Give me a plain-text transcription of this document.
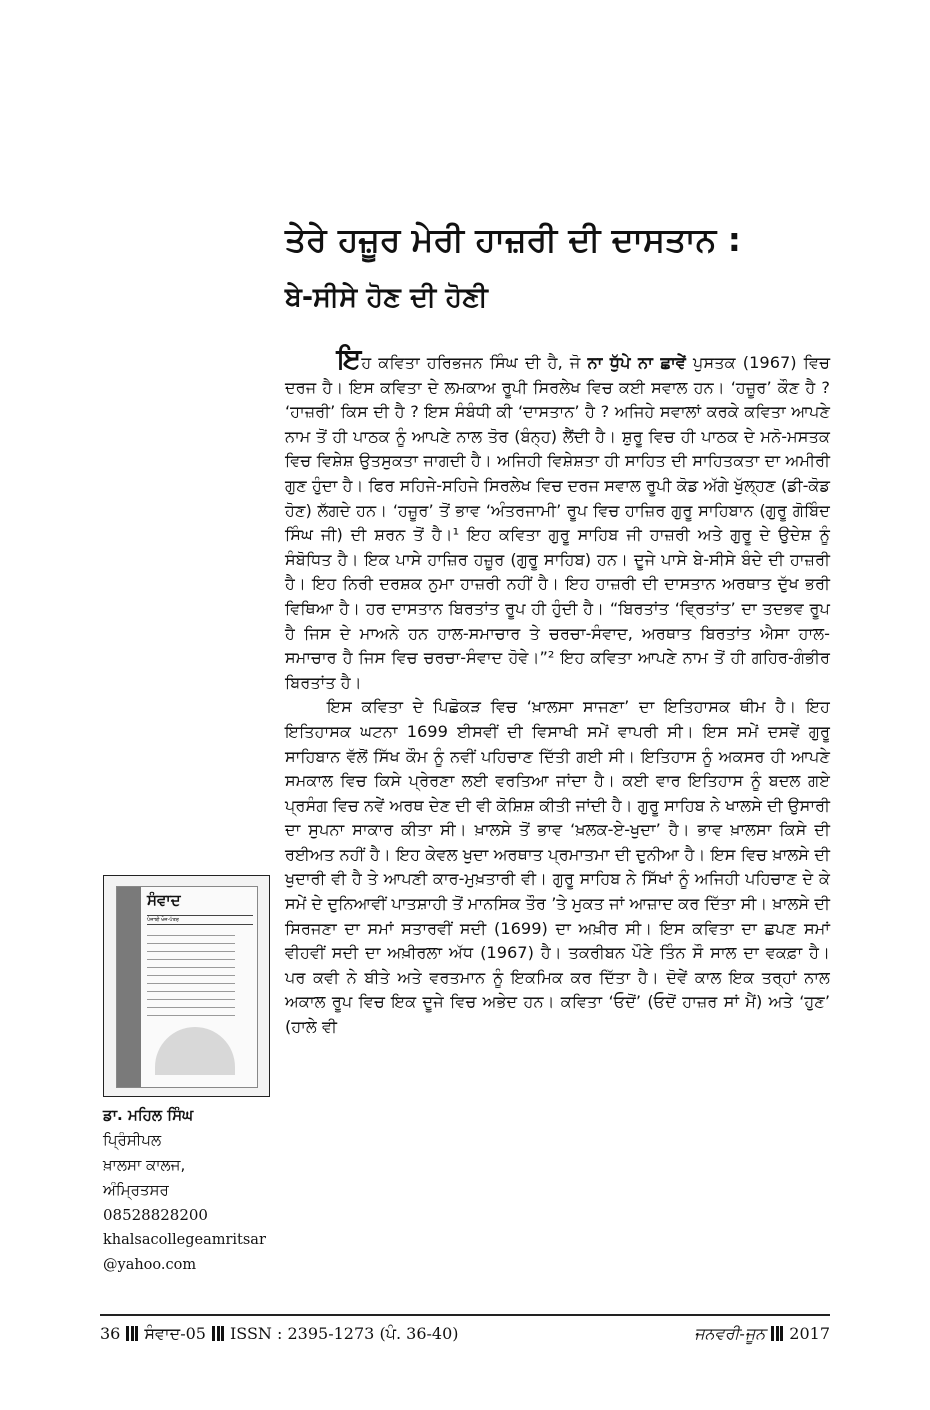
ਤੇਰੇ ਹਜ਼ੂਰ ਮੇਰੀ ਹਾਜ਼ਰੀ ਦੀ ਦਾਸਤਾਨ :
ਬੇ-ਸੀਸੇ ਹੋਣ ਦੀ ਹੋਣੀ

ਇਹ ਕਵਿਤਾ ਹਰਿਭਜਨ ਸਿੰਘ ਦੀ ਹੈ, ਜੋ ਨਾ ਧੁੱਪੇ ਨਾ ਛਾਵੇਂ ਪੁਸਤਕ (1967) ਵਿਚ ਦਰਜ ਹੈ। ਇਸ ਕਵਿਤਾ ਦੇ ਲਮਕਾਅ ਰੂਪੀ ਸਿਰਲੇਖ ਵਿਚ ਕਈ ਸਵਾਲ ਹਨ। ‘ਹਜ਼ੂਰ’ ਕੌਣ ਹੈ ? ‘ਹਾਜ਼ਰੀ’ ਕਿਸ ਦੀ ਹੈ ? ਇਸ ਸੰਬੰਧੀ ਕੀ ‘ਦਾਸਤਾਨ’ ਹੈ ? ਅਜਿਹੇ ਸਵਾਲਾਂ ਕਰਕੇ ਕਵਿਤਾ ਆਪਣੇ ਨਾਮ ਤੋਂ ਹੀ ਪਾਠਕ ਨੂੰ ਆਪਣੇ ਨਾਲ ਤੋਰ (ਬੰਨ੍ਹ) ਲੈਂਦੀ ਹੈ। ਸ਼ੁਰੂ ਵਿਚ ਹੀ ਪਾਠਕ ਦੇ ਮਨੋ-ਮਸਤਕ ਵਿਚ ਵਿਸ਼ੇਸ਼ ਉਤਸੁਕਤਾ ਜਾਗਦੀ ਹੈ। ਅਜਿਹੀ ਵਿਸ਼ੇਸ਼ਤਾ ਹੀ ਸਾਹਿਤ ਦੀ ਸਾਹਿਤਕਤਾ ਦਾ ਅਮੀਰੀ ਗੁਣ ਹੁੰਦਾ ਹੈ। ਫਿਰ ਸਹਿਜੇ-ਸਹਿਜੇ ਸਿਰਲੇਖ ਵਿਚ ਦਰਜ ਸਵਾਲ ਰੂਪੀ ਕੋਡ ਅੱਗੇ ਖੁੱਲ੍ਹਣ (ਡੀ-ਕੋਡ ਹੋਣ) ਲੱਗਦੇ ਹਨ। ‘ਹਜ਼ੂਰ’ ਤੋਂ ਭਾਵ ‘ਅੰਤਰਜਾਮੀ’ ਰੂਪ ਵਿਚ ਹਾਜ਼ਿਰ ਗੁਰੂ ਸਾਹਿਬਾਨ (ਗੁਰੂ ਗੋਬਿੰਦ ਸਿੰਘ ਜੀ) ਦੀ ਸ਼ਰਨ ਤੋਂ ਹੈ।¹ ਇਹ ਕਵਿਤਾ ਗੁਰੂ ਸਾਹਿਬ ਜੀ ਹਾਜ਼ਰੀ ਅਤੇ ਗੁਰੂ ਦੇ ਉਦੇਸ਼ ਨੂੰ ਸੰਬੋਧਿਤ ਹੈ। ਇਕ ਪਾਸੇ ਹਾਜ਼ਿਰ ਹਜ਼ੂਰ (ਗੁਰੂ ਸਾਹਿਬ) ਹਨ। ਦੂਜੇ ਪਾਸੇ ਬੇ-ਸੀਸੇ ਬੰਦੇ ਦੀ ਹਾਜ਼ਰੀ ਹੈ। ਇਹ ਨਿਰੀ ਦਰਸ਼ਕ ਨੁਮਾ ਹਾਜ਼ਰੀ ਨਹੀਂ ਹੈ। ਇਹ ਹਾਜ਼ਰੀ ਦੀ ਦਾਸਤਾਨ ਅਰਥਾਤ ਦੁੱਖ ਭਰੀ ਵਿਥਿਆ ਹੈ। ਹਰ ਦਾਸਤਾਨ ਬਿਰਤਾਂਤ ਰੂਪ ਹੀ ਹੁੰਦੀ ਹੈ। “ਬਿਰਤਾਂਤ ‘ਵ੍ਰਿਤਾਂਤ’ ਦਾ ਤਦਭਵ ਰੂਪ ਹੈ ਜਿਸ ਦੇ ਮਾਅਨੇ ਹਨ ਹਾਲ-ਸਮਾਚਾਰ ਤੇ ਚਰਚਾ-ਸੰਵਾਦ, ਅਰਥਾਤ ਬਿਰਤਾਂਤ ਐਸਾ ਹਾਲ-ਸਮਾਚਾਰ ਹੈ ਜਿਸ ਵਿਚ ਚਰਚਾ-ਸੰਵਾਦ ਹੋਵੇ।”² ਇਹ ਕਵਿਤਾ ਆਪਣੇ ਨਾਮ ਤੋਂ ਹੀ ਗਹਿਰ-ਗੰਭੀਰ ਬਿਰਤਾਂਤ ਹੈ।

ਇਸ ਕਵਿਤਾ ਦੇ ਪਿਛੋਕੜ ਵਿਚ ‘ਖ਼ਾਲਸਾ ਸਾਜਣਾ’ ਦਾ ਇਤਿਹਾਸਕ ਥੀਮ ਹੈ। ਇਹ ਇਤਿਹਾਸਕ ਘਟਨਾ 1699 ਈਸਵੀਂ ਦੀ ਵਿਸਾਖੀ ਸਮੇਂ ਵਾਪਰੀ ਸੀ। ਇਸ ਸਮੇਂ ਦਸਵੇਂ ਗੁਰੂ ਸਾਹਿਬਾਨ ਵੱਲੋਂ ਸਿੱਖ ਕੌਮ ਨੂੰ ਨਵੀਂ ਪਹਿਚਾਣ ਦਿੱਤੀ ਗਈ ਸੀ। ਇਤਿਹਾਸ ਨੂੰ ਅਕਸਰ ਹੀ ਆਪਣੇ ਸਮਕਾਲ ਵਿਚ ਕਿਸੇ ਪ੍ਰੇਰਣਾ ਲਈ ਵਰਤਿਆ ਜਾਂਦਾ ਹੈ। ਕਈ ਵਾਰ ਇਤਿਹਾਸ ਨੂੰ ਬਦਲ ਗਏ ਪ੍ਰਸੰਗ ਵਿਚ ਨਵੇਂ ਅਰਥ ਦੇਣ ਦੀ ਵੀ ਕੋਸ਼ਿਸ਼ ਕੀਤੀ ਜਾਂਦੀ ਹੈ। ਗੁਰੂ ਸਾਹਿਬ ਨੇ ਖਾਲਸੇ ਦੀ ਉਸਾਰੀ ਦਾ ਸੁਪਨਾ ਸਾਕਾਰ ਕੀਤਾ ਸੀ। ਖ਼ਾਲਸੇ ਤੋਂ ਭਾਵ ‘ਖ਼ਲਕ-ਏ-ਖੁਦਾ’ ਹੈ। ਭਾਵ ਖ਼ਾਲਸਾ ਕਿਸੇ ਦੀ ਰਈਅਤ ਨਹੀਂ ਹੈ। ਇਹ ਕੇਵਲ ਖੁਦਾ ਅਰਥਾਤ ਪ੍ਰਮਾਤਮਾ ਦੀ ਦੁਨੀਆ ਹੈ। ਇਸ ਵਿਚ ਖ਼ਾਲਸੇ ਦੀ ਖੁਦਾਰੀ ਵੀ ਹੈ ਤੇ ਆਪਣੀ ਕਾਰ-ਮੁਖ਼ਤਾਰੀ ਵੀ। ਗੁਰੂ ਸਾਹਿਬ ਨੇ ਸਿੱਖਾਂ ਨੂੰ ਅਜਿਹੀ ਪਹਿਚਾਣ ਦੇ ਕੇ ਸਮੇਂ ਦੇ ਦੁਨਿਆਵੀਂ ਪਾਤਸ਼ਾਹੀ ਤੋਂ ਮਾਨਸਿਕ ਤੌਰ ’ਤੇ ਮੁਕਤ ਜਾਂ ਆਜ਼ਾਦ ਕਰ ਦਿੱਤਾ ਸੀ। ਖ਼ਾਲਸੇ ਦੀ ਸਿਰਜਣਾ ਦਾ ਸਮਾਂ ਸਤਾਰਵੀਂ ਸਦੀ (1699) ਦਾ ਅਖ਼ੀਰ ਸੀ। ਇਸ ਕਵਿਤਾ ਦਾ ਛਪਣ ਸਮਾਂ ਵੀਹਵੀਂ ਸਦੀ ਦਾ ਅਖ਼ੀਰਲਾ ਅੱਧ (1967) ਹੈ। ਤਕਰੀਬਨ ਪੌਣੇ ਤਿੰਨ ਸੌ ਸਾਲ ਦਾ ਵਕਫ਼ਾ ਹੈ। ਪਰ ਕਵੀ ਨੇ ਬੀਤੇ ਅਤੇ ਵਰਤਮਾਨ ਨੂੰ ਇਕਮਿਕ ਕਰ ਦਿੱਤਾ ਹੈ। ਦੋਵੇਂ ਕਾਲ ਇਕ ਤਰ੍ਹਾਂ ਨਾਲ ਅਕਾਲ ਰੂਪ ਵਿਚ ਇਕ ਦੂਜੇ ਵਿਚ ਅਭੇਦ ਹਨ। ਕਵਿਤਾ ‘ਓਦੋਂ’ (ਓਦੋਂ ਹਾਜ਼ਰ ਸਾਂ ਮੈਂ) ਅਤੇ ‘ਹੁਣ’ (ਹਾਲੇ ਵੀ

ਸੰਵਾਦ
ਪੰਜਾਬੀ ਖੋਜ-ਪੱਤਰ
ਡਾ. ਮਹਿਲ ਸਿੰਘ
ਪ੍ਰਿੰਸੀਪਲ
ਖ਼ਾਲਸਾ ਕਾਲਜ,
ਅੰਮ੍ਰਿਤਸਰ
08528828200
khalsacollegeamritsar
@yahoo.com
36 ਸੰਵਾਦ-05 ISSN : 2395-1273 (ਪੰ. 36-40)	ਜਨਵਰੀ-ਜੂਨ 2017
